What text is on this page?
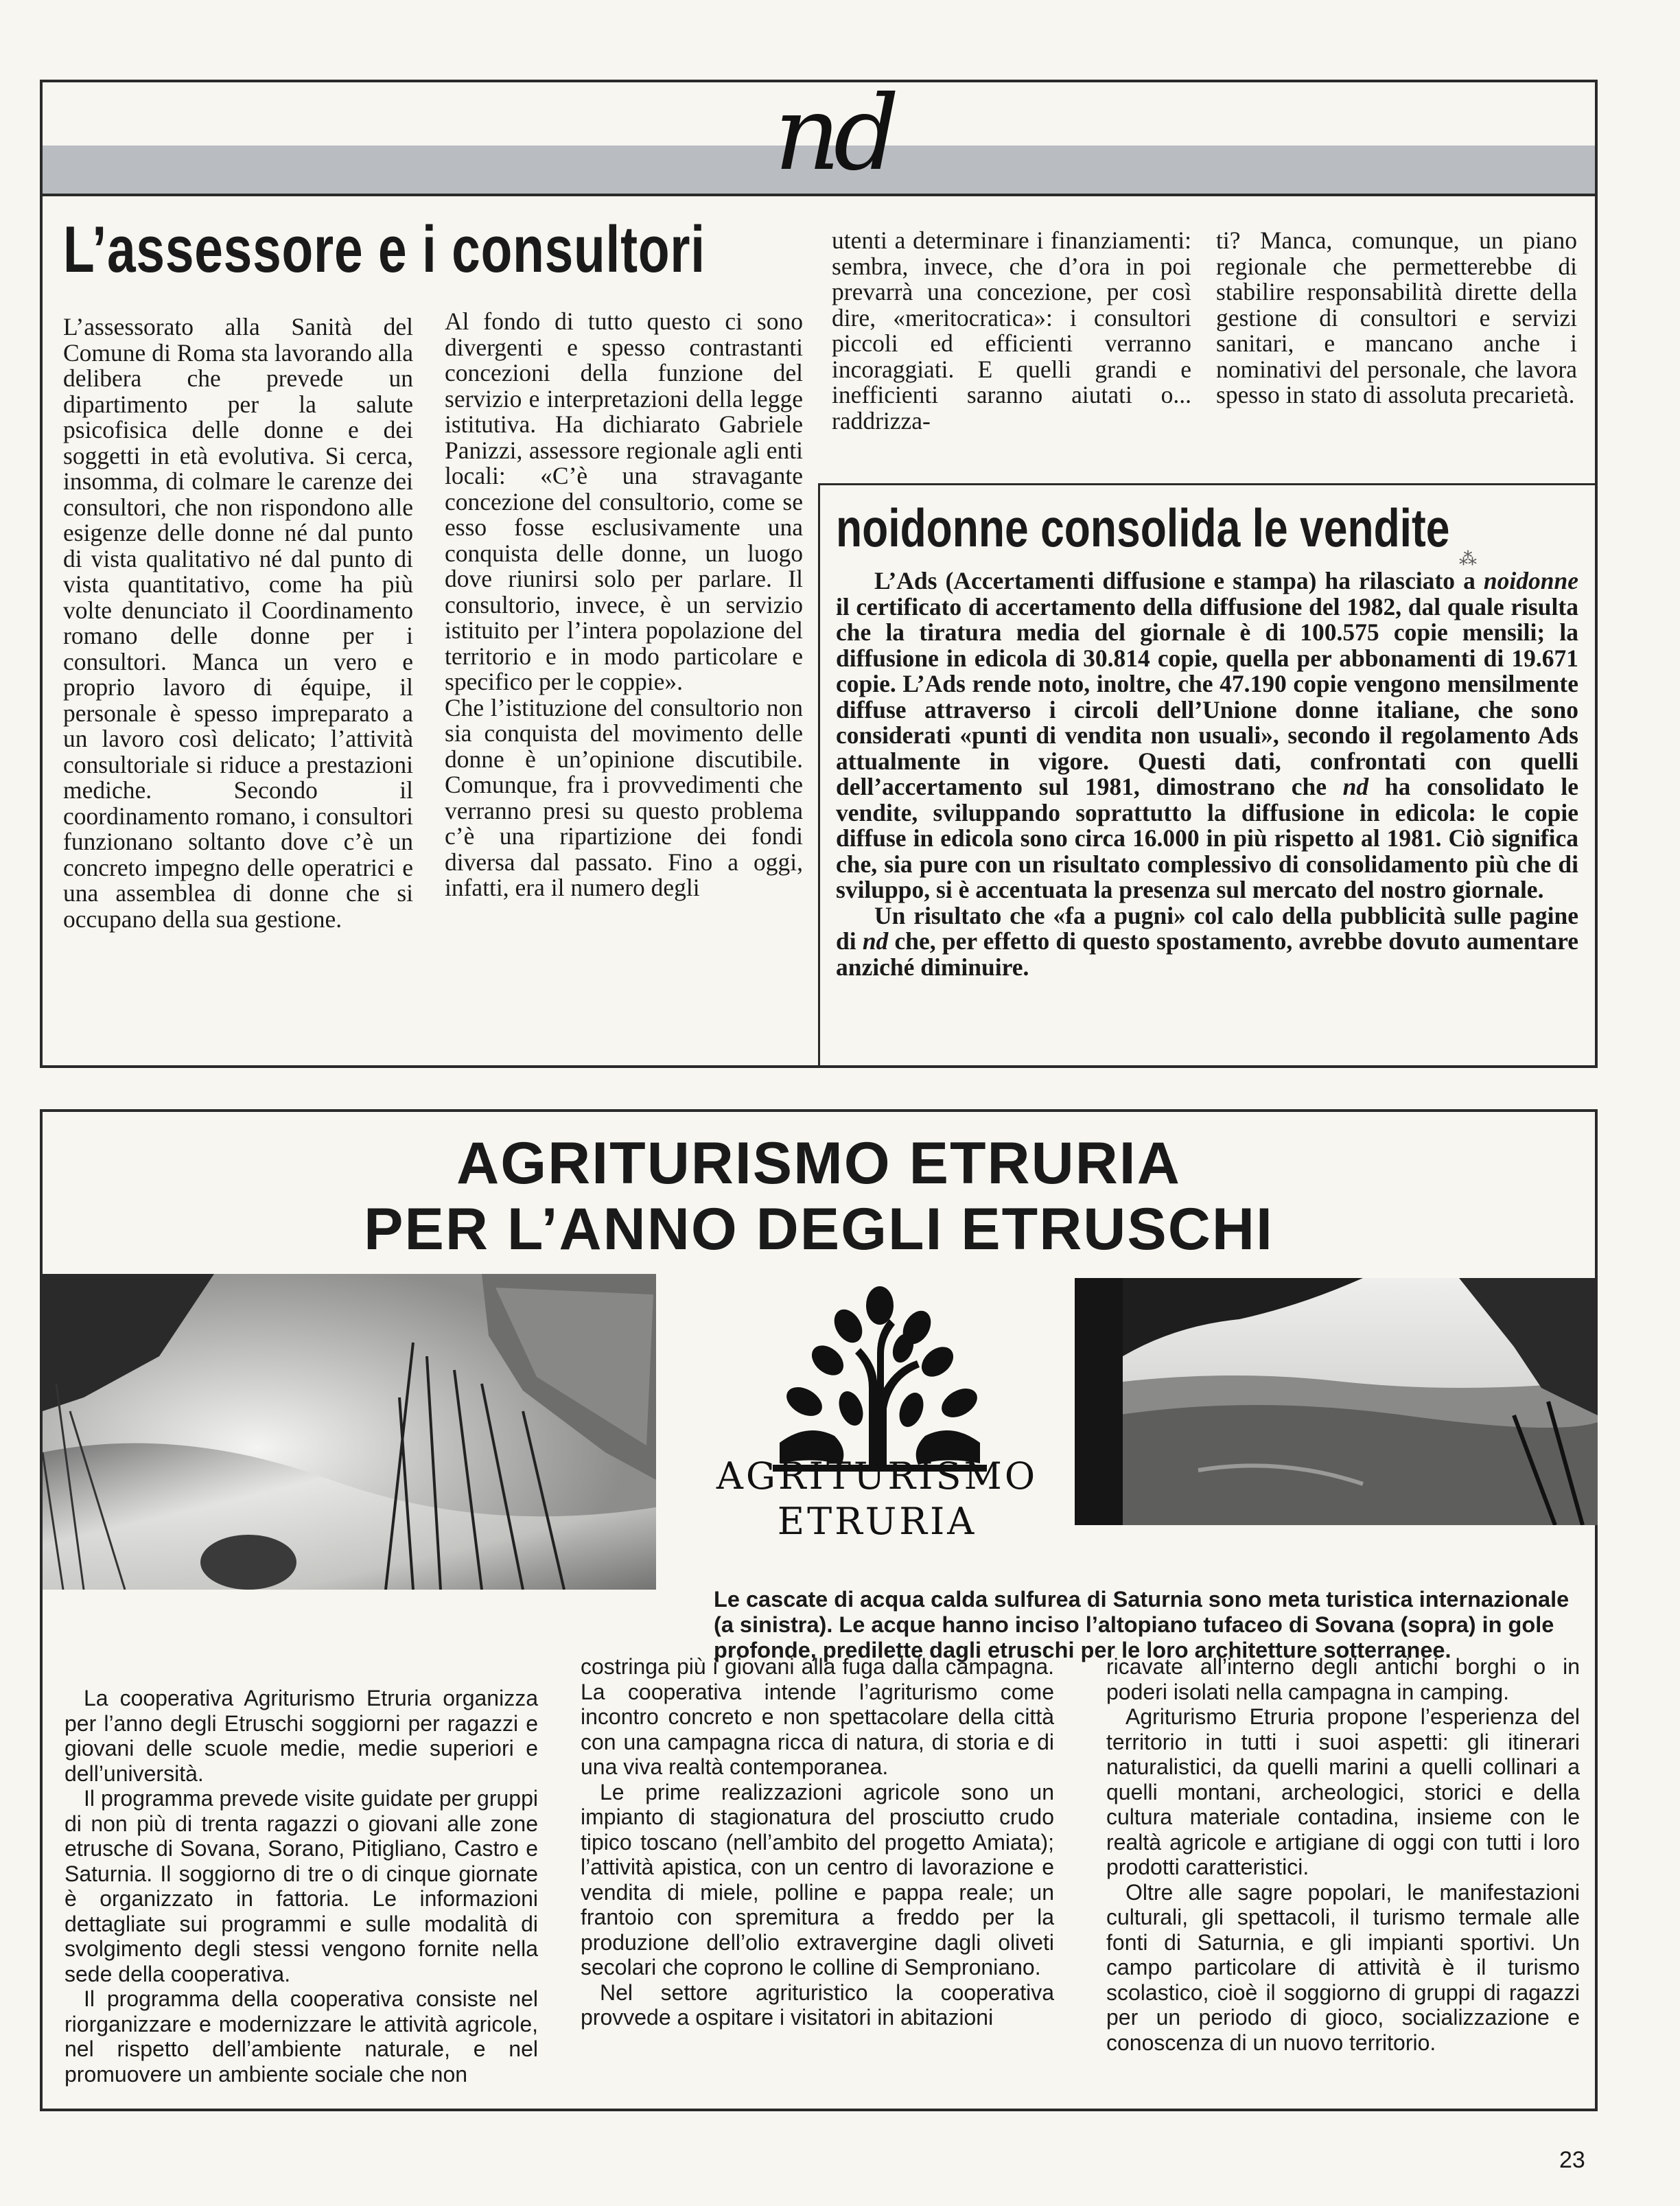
nd
L’assessore e i consultori

L’assessorato alla Sanità del Comune di Roma sta lavorando alla delibera che prevede un dipartimento per la salute psicofisica delle donne e dei soggetti in età evolutiva. Si cerca, insomma, di colmare le carenze dei consultori, che non rispondono alle esigenze delle donne né dal punto di vista qualitativo né dal punto di vista quantitativo, come ha più volte denunciato il Coordinamento romano delle donne per i consultori. Manca un vero e proprio lavoro di équipe, il personale è spesso impreparato a un lavoro così delicato; l’attività consultoriale si riduce a prestazioni mediche. Secondo il coordinamento romano, i consultori funzionano soltanto dove c’è un concreto impegno delle operatrici e una assemblea di donne che si occupano della sua gestione.

Al fondo di tutto questo ci sono divergenti e spesso contrastanti concezioni della funzione del servizio e interpretazioni della legge istitutiva. Ha dichiarato Gabriele Panizzi, assessore regionale agli enti locali: «C’è una stravagante concezione del consultorio, come se esso fosse esclusivamente una conquista delle donne, un luogo dove riunirsi solo per parlare. Il consultorio, invece, è un servizio istituito per l’intera popolazione del territorio e in modo particolare e specifico per le coppie».

Che l’istituzione del consultorio non sia conquista del movimento delle donne è un’opinione discutibile. Comunque, fra i provvedimenti che verranno presi su questo problema c’è una ripartizione dei fondi diversa dal passato. Fino a oggi, infatti, era il numero degli

utenti a determinare i finanziamenti: sembra, invece, che d’ora in poi prevarrà una concezione, per così dire, «meritocratica»: i consultori piccoli ed efficienti verranno incoraggiati. E quelli grandi e inefficienti saranno aiutati o... raddrizza-

ti? Manca, comunque, un piano regionale che permetterebbe di stabilire responsabilità dirette della gestione di consultori e servizi sanitari, e mancano anche i nominativi del personale, che lavora spesso in stato di assoluta precarietà.

noidonne consolida le vendite
⁂

L’Ads (Accertamenti diffusione e stampa) ha rilasciato a noidonne il certificato di accertamento della diffusione del 1982, dal quale risulta che la tiratura media del giornale è di 100.575 copie mensili; la diffusione in edicola di 30.814 copie, quella per abbonamenti di 19.671 copie. L’Ads rende noto, inoltre, che 47.190 copie vengono mensilmente diffuse attraverso i circoli dell’Unione donne italiane, che sono considerati «punti di vendita non usuali», secondo il regolamento Ads attualmente in vigore. Questi dati, confrontati con quelli dell’accertamento sul 1981, dimostrano che nd ha consolidato le vendite, sviluppando soprattutto la diffusione in edicola: le copie diffuse in edicola sono circa 16.000 in più rispetto al 1981. Ciò significa che, sia pure con un risultato complessivo di consolidamento più che di sviluppo, si è accentuata la presenza sul mercato del nostro giornale.

Un risultato che «fa a pugni» col calo della pubblicità sulle pagine di nd che, per effetto di questo spostamento, avrebbe dovuto aumentare anziché diminuire.

AGRITURISMO ETRURIA
PER L’ANNO DEGLI ETRUSCHI
AGRITURISMO
ETRURIA
Le cascate di acqua calda sulfurea di Saturnia sono meta turistica internazionale (a sinistra). Le acque hanno inciso l’altopiano tufaceo di Sovana (sopra) in gole profonde, predilette dagli etruschi per le loro architetture sotterranee.

La cooperativa Agriturismo Etruria organizza per l’anno degli Etruschi soggiorni per ragazzi e giovani delle scuole medie, medie superiori e dell’università.

Il programma prevede visite guidate per gruppi di non più di trenta ragazzi o giovani alle zone etrusche di Sovana, Sorano, Pitigliano, Castro e Saturnia. Il soggiorno di tre o di cinque giornate è organizzato in fattoria. Le informazioni dettagliate sui programmi e sulle modalità di svolgimento degli stessi vengono fornite nella sede della cooperativa.

Il programma della cooperativa consiste nel riorganizzare e modernizzare le attività agricole, nel rispetto dell’ambiente naturale, e nel promuovere un ambiente sociale che non

costringa più i giovani alla fuga dalla campagna. La cooperativa intende l’agriturismo come incontro concreto e non spettacolare della città con una campagna ricca di natura, di storia e di una viva realtà contemporanea.

Le prime realizzazioni agricole sono un impianto di stagionatura del prosciutto crudo tipico toscano (nell’ambito del progetto Amiata); l’attività apistica, con un centro di lavorazione e vendita di miele, polline e pappa reale; un frantoio con spremitura a freddo per la produzione dell’olio extravergine dagli oliveti secolari che coprono le colline di Semproniano.

Nel settore agrituristico la cooperativa provvede a ospitare i visitatori in abitazioni

ricavate all’interno degli antichi borghi o in poderi isolati nella campagna in camping.

Agriturismo Etruria propone l’esperienza del territorio in tutti i suoi aspetti: gli itinerari naturalistici, da quelli marini a quelli collinari a quelli montani, archeologici, storici e della cultura materiale contadina, insieme con le realtà agricole e artigiane di oggi con tutti i loro prodotti caratteristici.

Oltre alle sagre popolari, le manifestazioni culturali, gli spettacoli, il turismo termale alle fonti di Saturnia, e gli impianti sportivi. Un campo particolare di attività è il turismo scolastico, cioè il soggiorno di gruppi di ragazzi per un periodo di gioco, socializzazione e conoscenza di un nuovo territorio.

23
